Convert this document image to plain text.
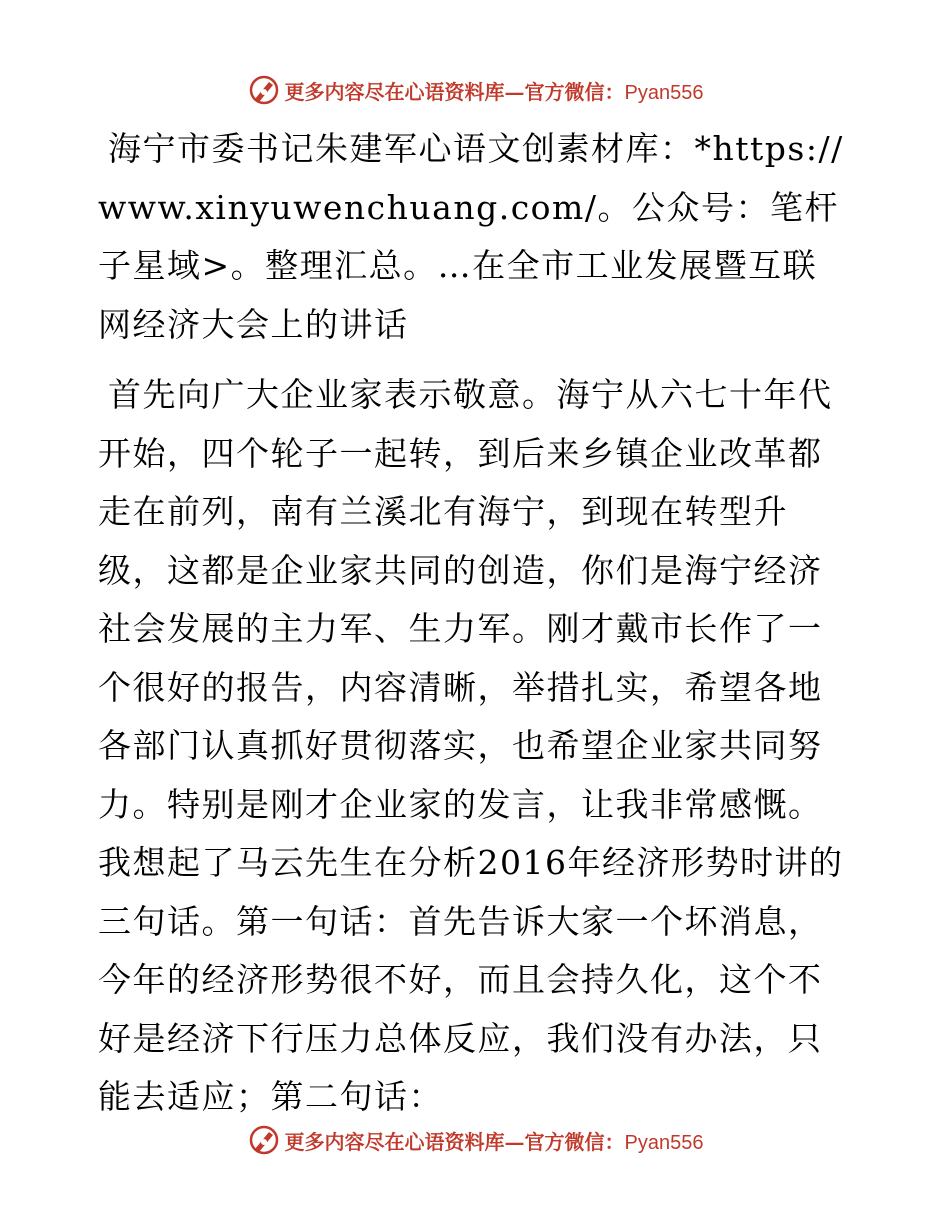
更多内容尽在心语资料库—官方微信：Pyan556

海宁市委书记朱建军心语文创素材库：*https://www.xinyuwenchuang.com/。公众号：笔杆子星域>。整理汇总。…在全市工业发展暨互联网经济大会上的讲话

首先向广大企业家表示敬意。海宁从六七十年代开始，四个轮子一起转，到后来乡镇企业改革都走在前列，南有兰溪北有海宁，到现在转型升级，这都是企业家共同的创造，你们是海宁经济社会发展的主力军、生力军。刚才戴市长作了一个很好的报告，内容清晰，举措扎实，希望各地各部门认真抓好贯彻落实，也希望企业家共同努力。特别是刚才企业家的发言，让我非常感慨。我想起了马云先生在分析2016年经济形势时讲的三句话。第一句话：首先告诉大家一个坏消息，今年的经济形势很不好，而且会持久化，这个不好是经济下行压力总体反应，我们没有办法，只能去适应；第二句话：

更多内容尽在心语资料库—官方微信：Pyan556
